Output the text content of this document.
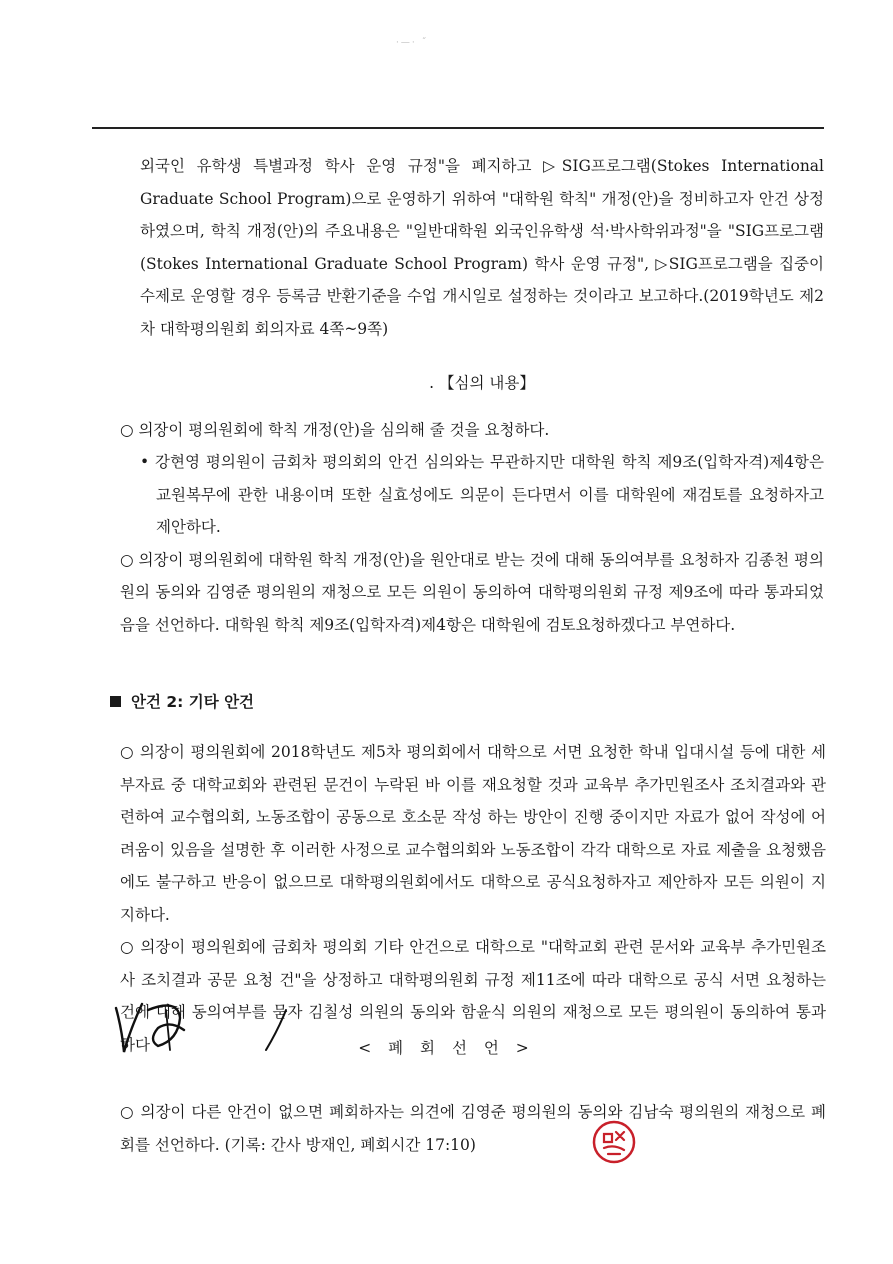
·—· ˝

외국인 유학생 특별과정 학사 운영 규정"을 폐지하고 ▷SIG프로그램(Stokes International Graduate School Program)으로 운영하기 위하여 "대학원 학칙" 개정(안)을 정비하고자 안건 상정하였으며, 학칙 개정(안)의 주요내용은 "일반대학원 외국인유학생 석·박사학위과정"을 "SIG프로그램(Stokes International Graduate School Program) 학사 운영 규정", ▷SIG프로그램을 집중이수제로 운영할 경우 등록금 반환기준을 수업 개시일로 설정하는 것이라고 보고하다.(2019학년도 제2차 대학평의원회 회의자료 4쪽~9쪽)

. 【심의 내용】

○ 의장이 평의원회에 학칙 개정(안)을 심의해 줄 것을 요청하다.

• 강현영 평의원이 금회차 평의회의 안건 심의와는 무관하지만 대학원 학칙 제9조(입학자격)제4항은 교원복무에 관한 내용이며 또한 실효성에도 의문이 든다면서 이를 대학원에 재검토를 요청하자고 제안하다.

○ 의장이 평의원회에 대학원 학칙 개정(안)을 원안대로 받는 것에 대해 동의여부를 요청하자 김종천 평의원의 동의와 김영준 평의원의 재청으로 모든 의원이 동의하여 대학평의원회 규정 제9조에 따라 통과되었음을 선언하다. 대학원 학칙 제9조(입학자격)제4항은 대학원에 검토요청하겠다고 부연하다.

안건 2: 기타 안건

○ 의장이 평의원회에 2018학년도 제5차 평의회에서 대학으로 서면 요청한 학내 입대시설 등에 대한 세부자료 중 대학교회와 관련된 문건이 누락된 바 이를 재요청할 것과 교육부 추가민원조사 조치결과와 관련하여 교수협의회, 노동조합이 공동으로 호소문 작성 하는 방안이 진행 중이지만 자료가 없어 작성에 어려움이 있음을 설명한 후 이러한 사정으로 교수협의회와 노동조합이 각각 대학으로 자료 제출을 요청했음에도 불구하고 반응이 없으므로 대학평의원회에서도 대학으로 공식요청하자고 제안하자 모든 의원이 지지하다.

○ 의장이 평의원회에 금회차 평의회 기타 안건으로 대학으로 "대학교회 관련 문서와 교육부 추가민원조사 조치결과 공문 요청 건"을 상정하고 대학평의원회 규정 제11조에 따라 대학으로 공식 서면 요청하는 건에 대해 동의여부를 묻자 김칠성 의원의 동의와 함윤식 의원의 재청으로 모든 평의원이 동의하여 통과하다	< 폐 회 선 언 >

○ 의장이 다른 안건이 없으면 폐회하자는 의견에 김영준 평의원의 동의와 김남숙 평의원의 재청으로 폐회를 선언하다. (기록: 간사 방재인, 폐회시간 17:10)
